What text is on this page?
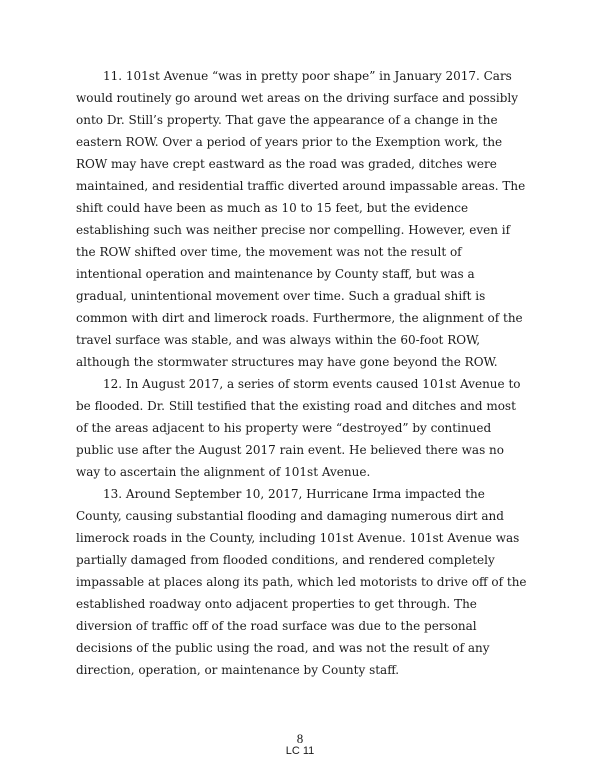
11. 101st Avenue “was in pretty poor shape” in January 2017. Cars would routinely go around wet areas on the driving surface and possibly onto Dr. Still’s property. That gave the appearance of a change in the eastern ROW. Over a period of years prior to the Exemption work, the ROW may have crept eastward as the road was graded, ditches were maintained, and residential traffic diverted around impassable areas. The shift could have been as much as 10 to 15 feet, but the evidence establishing such was neither precise nor compelling. However, even if the ROW shifted over time, the movement was not the result of intentional operation and maintenance by County staff, but was a gradual, unintentional movement over time. Such a gradual shift is common with dirt and limerock roads. Furthermore, the alignment of the travel surface was stable, and was always within the 60-foot ROW, although the stormwater structures may have gone beyond the ROW.

12. In August 2017, a series of storm events caused 101st Avenue to be flooded. Dr. Still testified that the existing road and ditches and most of the areas adjacent to his property were “destroyed” by continued public use after the August 2017 rain event. He believed there was no way to ascertain the alignment of 101st Avenue.

13. Around September 10, 2017, Hurricane Irma impacted the County, causing substantial flooding and damaging numerous dirt and limerock roads in the County, including 101st Avenue. 101st Avenue was partially damaged from flooded conditions, and rendered completely impassable at places along its path, which led motorists to drive off of the established roadway onto adjacent properties to get through. The diversion of traffic off of the road surface was due to the personal decisions of the public using the road, and was not the result of any direction, operation, or maintenance by County staff.

8
LC 11
